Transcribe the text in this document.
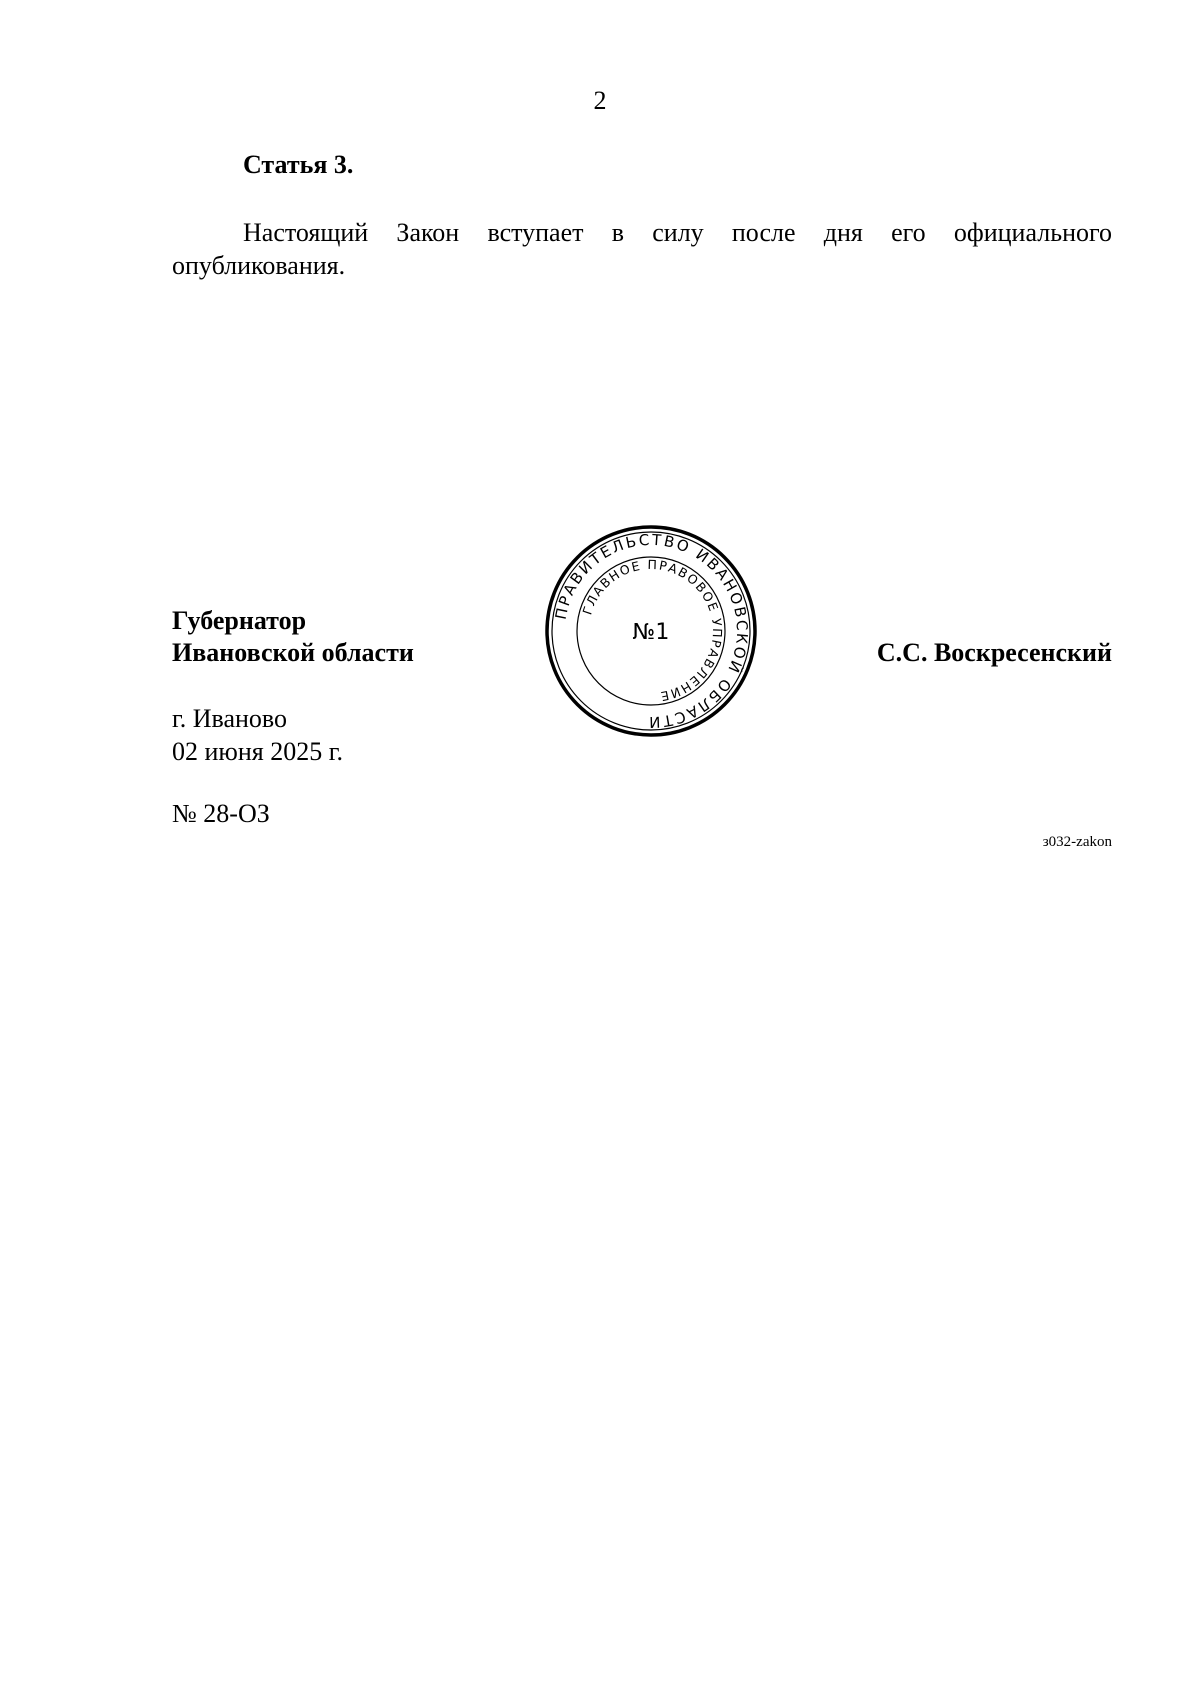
2
Статья 3.

Настоящий Закон вступает в силу после дня его официального опубликования.

Губернатор
Ивановской области
ПРАВИТЕЛЬСТВО ИВАНОВСКОЙ ОБЛАСТИ
ГЛАВНОЕ ПРАВОВОЕ УПРАВЛЕНИЕ
№1
С.С. Воскресенский
г. Иваново
02 июня 2025 г.
№ 28-ОЗ
з032-zakon
